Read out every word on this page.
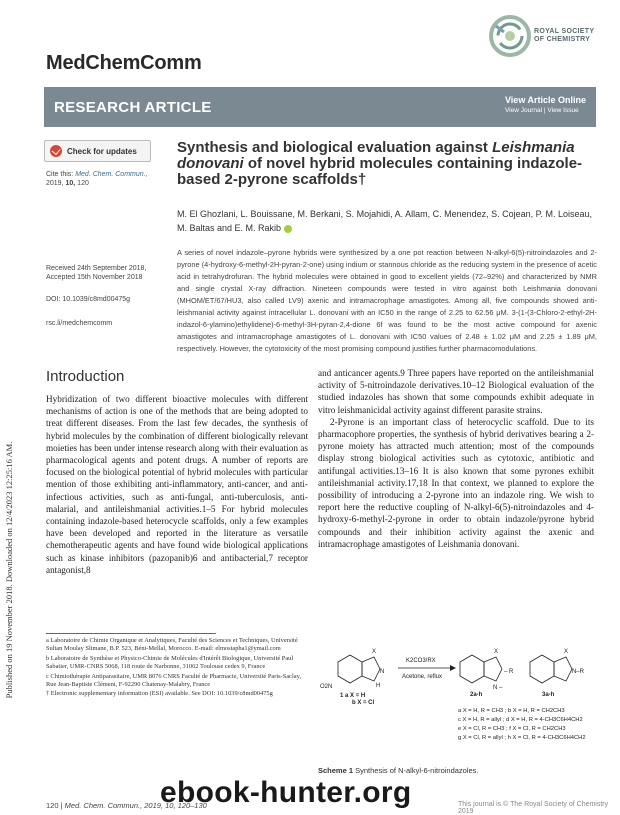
Published on 19 November 2018. Downloaded on 12/4/2023 12:25:16 AM.
MedChemComm
ROYAL SOCIETY
OF CHEMISTRY
RESEARCH ARTICLE	View Article Online
View Journal | View Issue
Check for updates
Cite this: Med. Chem. Commun.,
2019, 10, 120
Synthesis and biological evaluation against Leishmania donovani of novel hybrid molecules containing indazole-based 2-pyrone scaffolds†
M. El Ghozlani, L. Bouissane, M. Berkani, S. Mojahidi, A. Allam, C. Menendez, S. Cojean, P. M. Loiseau, M. Baltas and E. M. Rakib
A series of novel indazole–pyrone hybrids were synthesized by a one pot reaction between N-alkyl-6(5)-nitroindazoles and 2-pyrone (4-hydroxy-6-methyl-2H-pyran-2-one) using indium or stannous chloride as the reducing system in the presence of acetic acid in tetrahydrofuran. The hybrid molecules were obtained in good to excellent yields (72–92%) and characterized by NMR and single crystal X-ray diffraction. Nineteen compounds were tested in vitro against both Leishmania donovani (MHOM/ET/67/HU3, also called LV9) axenic and intramacrophage amastigotes. Among all, five compounds showed anti-leishmanial activity against intracellular L. donovani with an IC50 in the range of 2.25 to 62.56 μM. 3-(1-(3-Chloro-2-ethyl-2H-indazol-6-ylamino)ethylidene)-6-methyl-3H-pyran-2,4-dione 6f was found to be the most active compound for axenic amastigotes and intramacrophage amastigotes of L. donovani with IC50 values of 2.48 ± 1.02 μM and 2.25 ± 1.89 μM, respectively. However, the cytotoxicity of the most promising compound justifies further pharmacomodulations.
Received 24th September 2018,
Accepted 15th November 2018
DOI: 10.1039/c8md00475g
rsc.li/medchemcomm
Introduction

Hybridization of two different bioactive molecules with different mechanisms of action is one of the methods that are being adopted to treat different diseases. From the last few decades, the synthesis of hybrid molecules by the combination of different biologically relevant moieties has been under intense research along with their evaluation as pharmacological agents and potent drugs. A number of reports are focused on the biological potential of hybrid molecules with particular mention of those exhibiting anti-inflammatory, anti-cancer, and anti-infectious activities, such as anti-fungal, anti-tuberculosis, anti-malarial, and antileishmanial activities.1–5 For hybrid molecules containing indazole-based heterocycle scaffolds, only a few examples have been developed and reported in the literature as versatile chemotherapeutic agents and have found wide biological applications such as kinase inhibitors (pazopanib)6 and antibacterial,7 receptor antagonist,8

and anticancer agents.9 Three papers have reported on the antileishmanial activity of 5-nitroindazole derivatives.10–12 Biological evaluation of the studied indazoles has shown that some compounds exhibit adequate in vitro leishmanicidal activity against different parasite strains.

2-Pyrone is an important class of heterocyclic scaffold. Due to its pharmacophore properties, the synthesis of hybrid derivatives bearing a 2-pyrone moiety has attracted much attention; most of the compounds display strong biological activities such as cytotoxic, antibiotic and antifungal activities.13–16 It is also known that some pyrones exhibit antileishmanial activity.17,18 In that context, we planned to explore the possibility of introducing a 2-pyrone into an indazole ring. We wish to report here the reductive coupling of N-alkyl-6(5)-nitroindazoles and 4-hydroxy-6-methyl-2-pyrone in order to obtain indazole/pyrone hybrid compounds and their inhibition activity against the axenic and intramacrophage amastigotes of Leishmania donovani.

a Laboratoire de Chimie Organique et Analytiques, Faculté des Sciences et Techniques, Université Sultan Moulay Slimane, B.P. 523, Béni-Mellal, Morocco. E-mail: elmostapha1@ymail.com

b Laboratoire de Synthèse et Physico-Chimie de Molécules d'Intérêt Biologique, Université Paul Sabatier, UMR-CNRS 5068, 118 route de Narbonne, 31062 Toulouse cedex 9, France

c Chimiothérapie Antiparasitaire, UMR 8076 CNRS Faculté de Pharmacie, Université Paris-Saclay, Rue Jean-Baptiste Clément, F-92290 Chatenay-Malabry, France

† Electronic supplementary information (ESI) available. See DOI: 10.1039/c8md00475g

X
N
H
O2N
1 a X = H
b X = Cl
K2CO3/RX
Acetone, reflux
X
N –
– R
2a-h
X
N–R
3a-h
a X = H, R = CH3 ; b X = H, R = CH2CH3
c X = H, R = allyl ; d X = H, R = 4-CH3C6H4CH2
e X = Cl, R = CH3 ; f X = Cl, R = CH2CH3
g X = Cl, R = allyl ; h X = Cl, R = 4-CH3C6H4CH2
Scheme 1 Synthesis of N-alkyl-6-nitroindazoles.
120 | Med. Chem. Commun., 2019, 10, 120–130	This journal is © The Royal Society of Chemistry 2019
ebook-hunter.org
